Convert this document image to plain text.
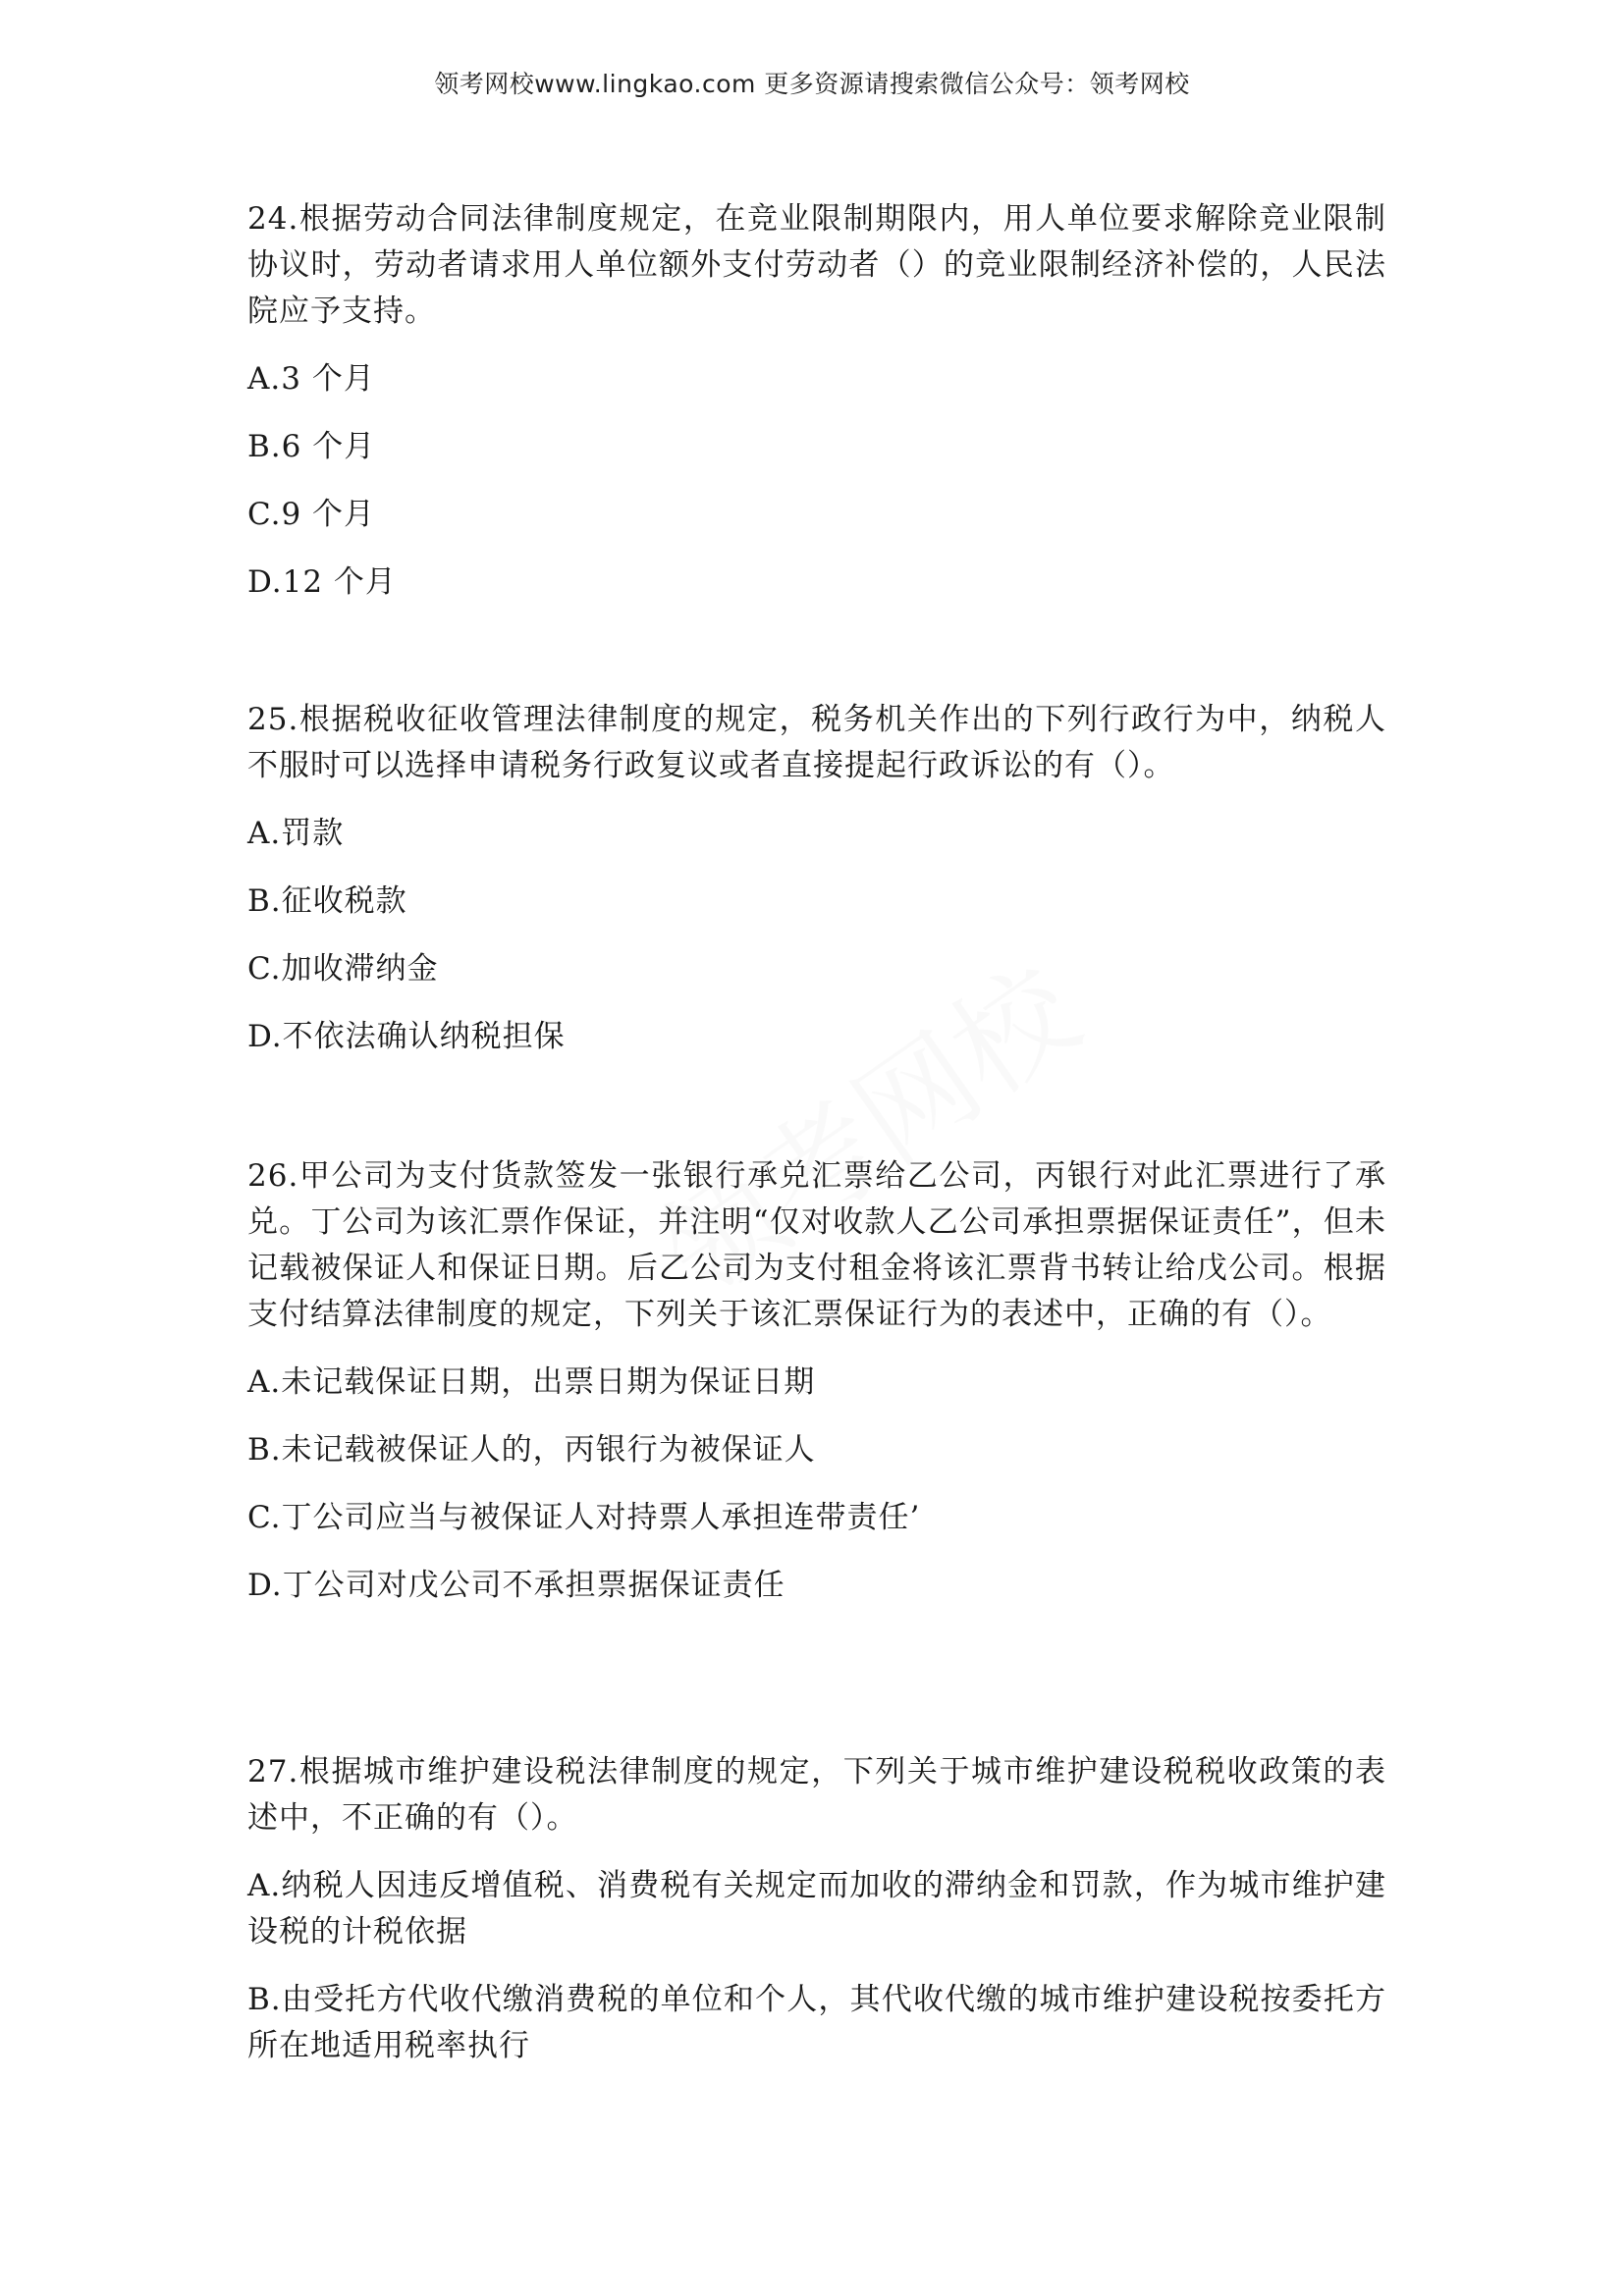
领考网校www.lingkao.com 更多资源请搜索微信公众号：领考网校

24.根据劳动合同法律制度规定，在竞业限制期限内，用人单位要求解除竞业限制协议时，劳动者请求用人单位额外支付劳动者（）的竞业限制经济补偿的，人民法院应予支持。

A.3 个月

B.6 个月

C.9 个月

D.12 个月

25.根据税收征收管理法律制度的规定，税务机关作出的下列行政行为中，纳税人不服时可以选择申请税务行政复议或者直接提起行政诉讼的有（）。

A.罚款

B.征收税款

C.加收滞纳金

D.不依法确认纳税担保

26.甲公司为支付货款签发一张银行承兑汇票给乙公司，丙银行对此汇票进行了承兑。丁公司为该汇票作保证，并注明“仅对收款人乙公司承担票据保证责任”，但未记载被保证人和保证日期。后乙公司为支付租金将该汇票背书转让给戊公司。根据支付结算法律制度的规定，下列关于该汇票保证行为的表述中，正确的有（）。

A.未记载保证日期，出票日期为保证日期

B.未记载被保证人的，丙银行为被保证人

C.丁公司应当与被保证人对持票人承担连带责任’

D.丁公司对戊公司不承担票据保证责任

27.根据城市维护建设税法律制度的规定，下列关于城市维护建设税税收政策的表述中，不正确的有（）。

A.纳税人因违反增值税、消费税有关规定而加收的滞纳金和罚款，作为城市维护建设税的计税依据

B.由受托方代收代缴消费税的单位和个人，其代收代缴的城市维护建设税按委托方所在地适用税率执行
